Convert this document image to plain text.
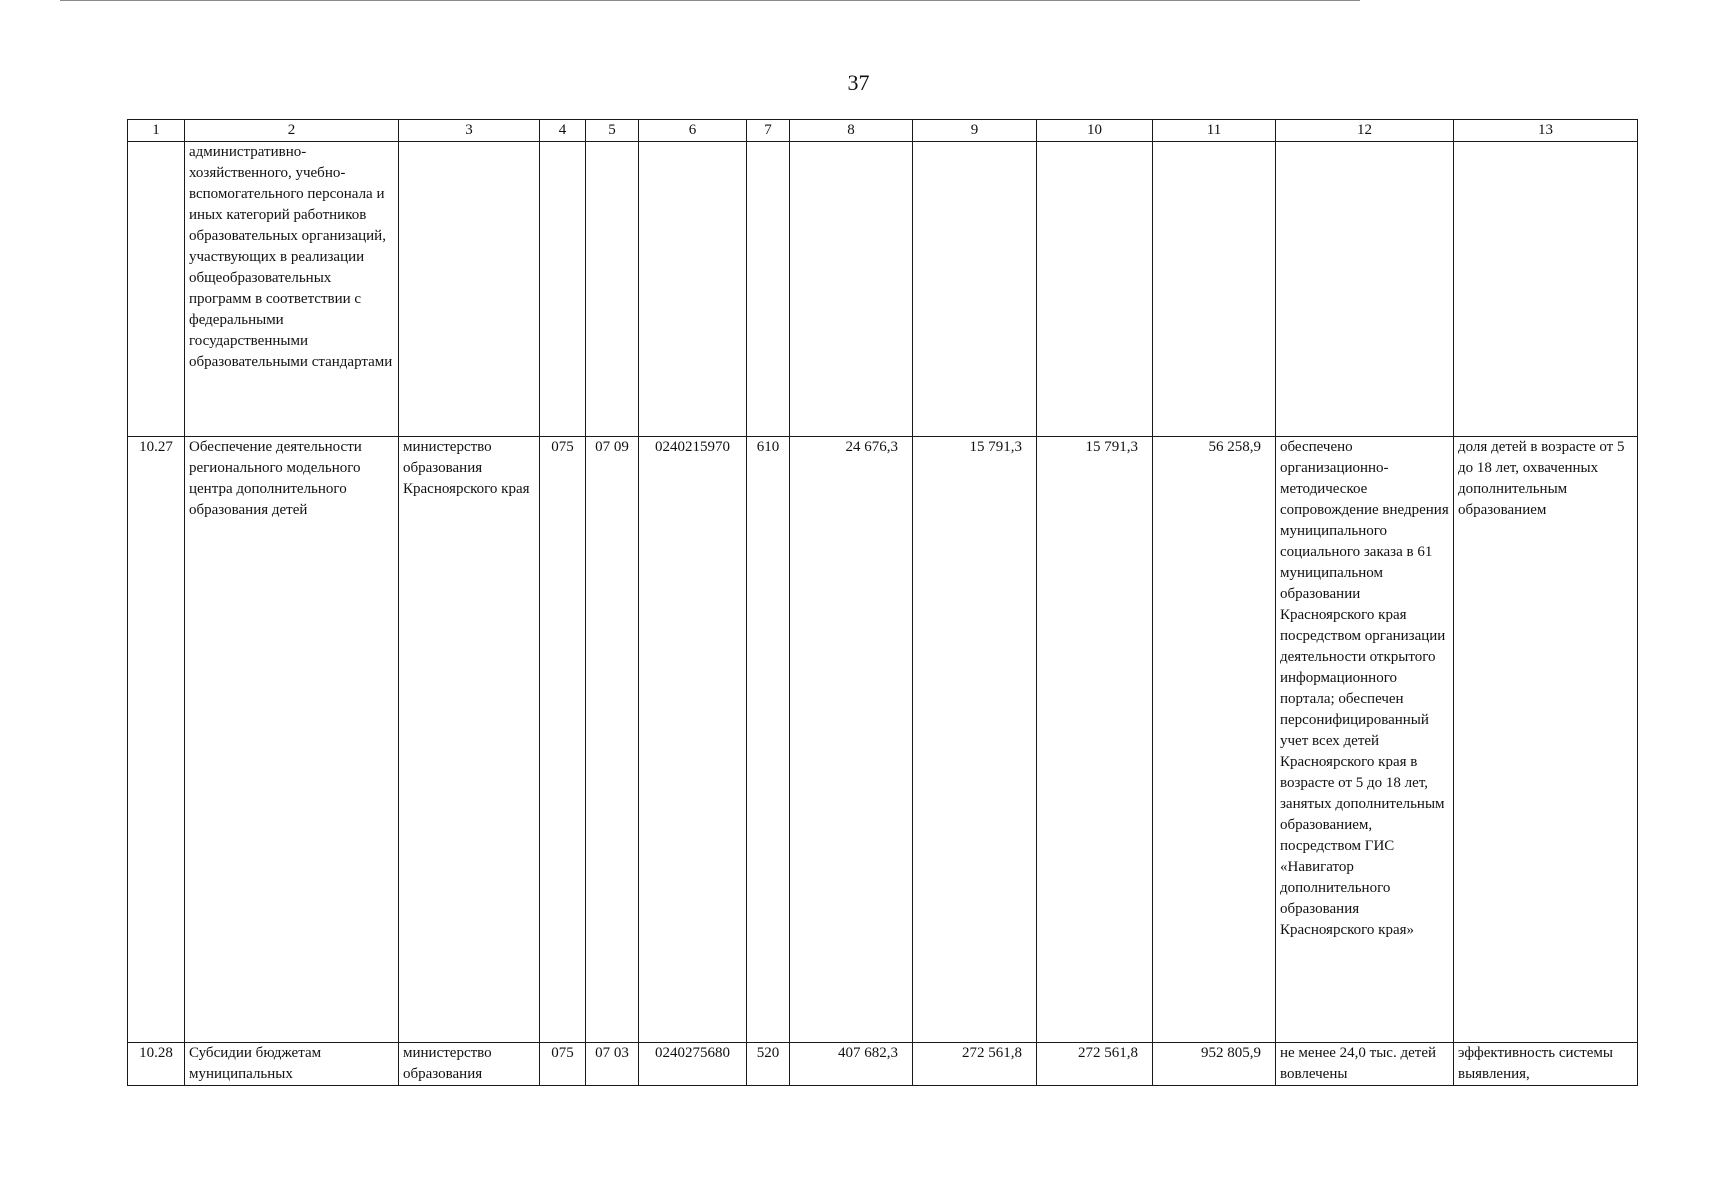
37
1	2	3	4	5	6	7	8	9	10	11	12	13
	административно-хозяйственного, учебно-вспомогательного персонала и иных категорий работников образовательных организаций, участвующих в реализации общеобразовательных программ в соответствии с федеральными государственными образовательными стандартами											
10.27	Обеспечение деятельности регионального модельного центра дополнительного образования детей	министерство образования Красноярского края	075	07 09	0240215970	610	24 676,3	15 791,3	15 791,3	56 258,9	обеспечено организационно-методическое сопровождение внедрения муниципального социального заказа в 61 муниципальном образовании Красноярского края посредством организации деятельности открытого информационного портала; обеспечен персонифицированный учет всех детей Красноярского края в возрасте от 5 до 18 лет, занятых дополнительным образованием, посредством ГИС «Навигатор дополнительного образования Красноярского края»	доля детей в возрасте от 5 до 18 лет, охваченных дополнительным образованием
10.28	Субсидии бюджетам муниципальных	министерство образования	075	07 03	0240275680	520	407 682,3	272 561,8	272 561,8	952 805,9	не менее 24,0 тыс. детей вовлечены	эффективность системы выявления,
